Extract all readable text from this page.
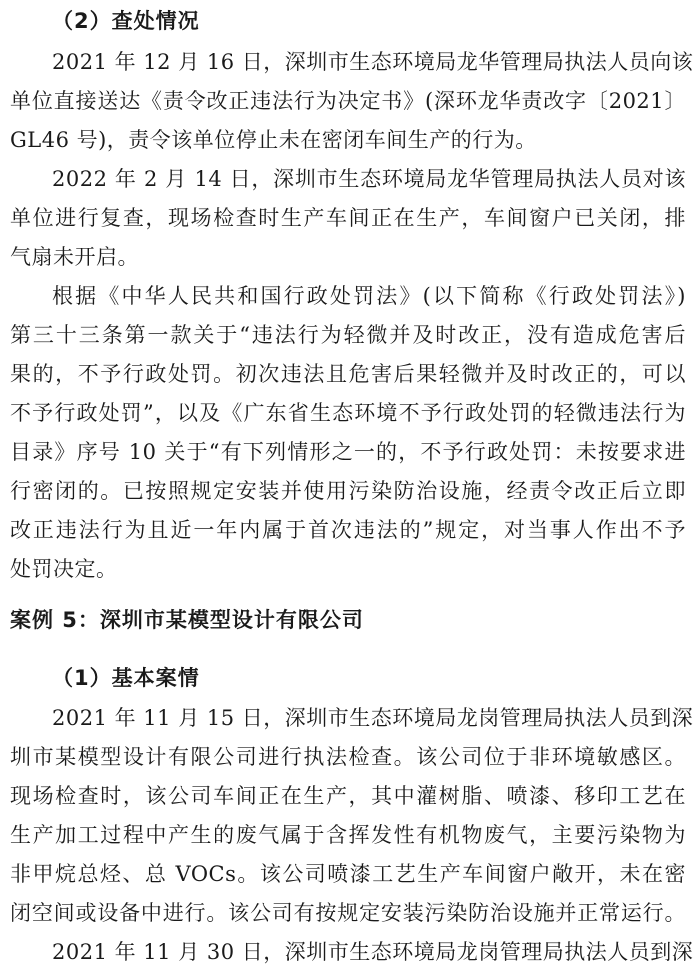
（2）查处情况
2021 年 12 月 16 日，深圳市生态环境局龙华管理局执法人员向该
单位直接送达《责令改正违法行为决定书》(深环龙华责改字〔2021〕
GL46 号)，责令该单位停止未在密闭车间生产的行为。
2022 年 2 月 14 日，深圳市生态环境局龙华管理局执法人员对该
单位进行复查，现场检查时生产车间正在生产，车间窗户已关闭，排
气扇未开启。
根据《中华人民共和国行政处罚法》(以下简称《行政处罚法》)
第三十三条第一款关于“违法行为轻微并及时改正，没有造成危害后
果的，不予行政处罚。初次违法且危害后果轻微并及时改正的，可以
不予行政处罚”，以及《广东省生态环境不予行政处罚的轻微违法行为
目录》序号 10 关于“有下列情形之一的，不予行政处罚：未按要求进
行密闭的。已按照规定安装并使用污染防治设施，经责令改正后立即
改正违法行为且近一年内属于首次违法的”规定，对当事人作出不予
处罚决定。
案例 5：深圳市某模型设计有限公司
（1）基本案情
2021 年 11 月 15 日，深圳市生态环境局龙岗管理局执法人员到深
圳市某模型设计有限公司进行执法检查。该公司位于非环境敏感区。
现场检查时，该公司车间正在生产，其中灌树脂、喷漆、移印工艺在
生产加工过程中产生的废气属于含挥发性有机物废气，主要污染物为
非甲烷总烃、总 VOCs。该公司喷漆工艺生产车间窗户敞开，未在密
闭空间或设备中进行。该公司有按规定安装污染防治设施并正常运行。
2021 年 11 月 30 日，深圳市生态环境局龙岗管理局执法人员到深
